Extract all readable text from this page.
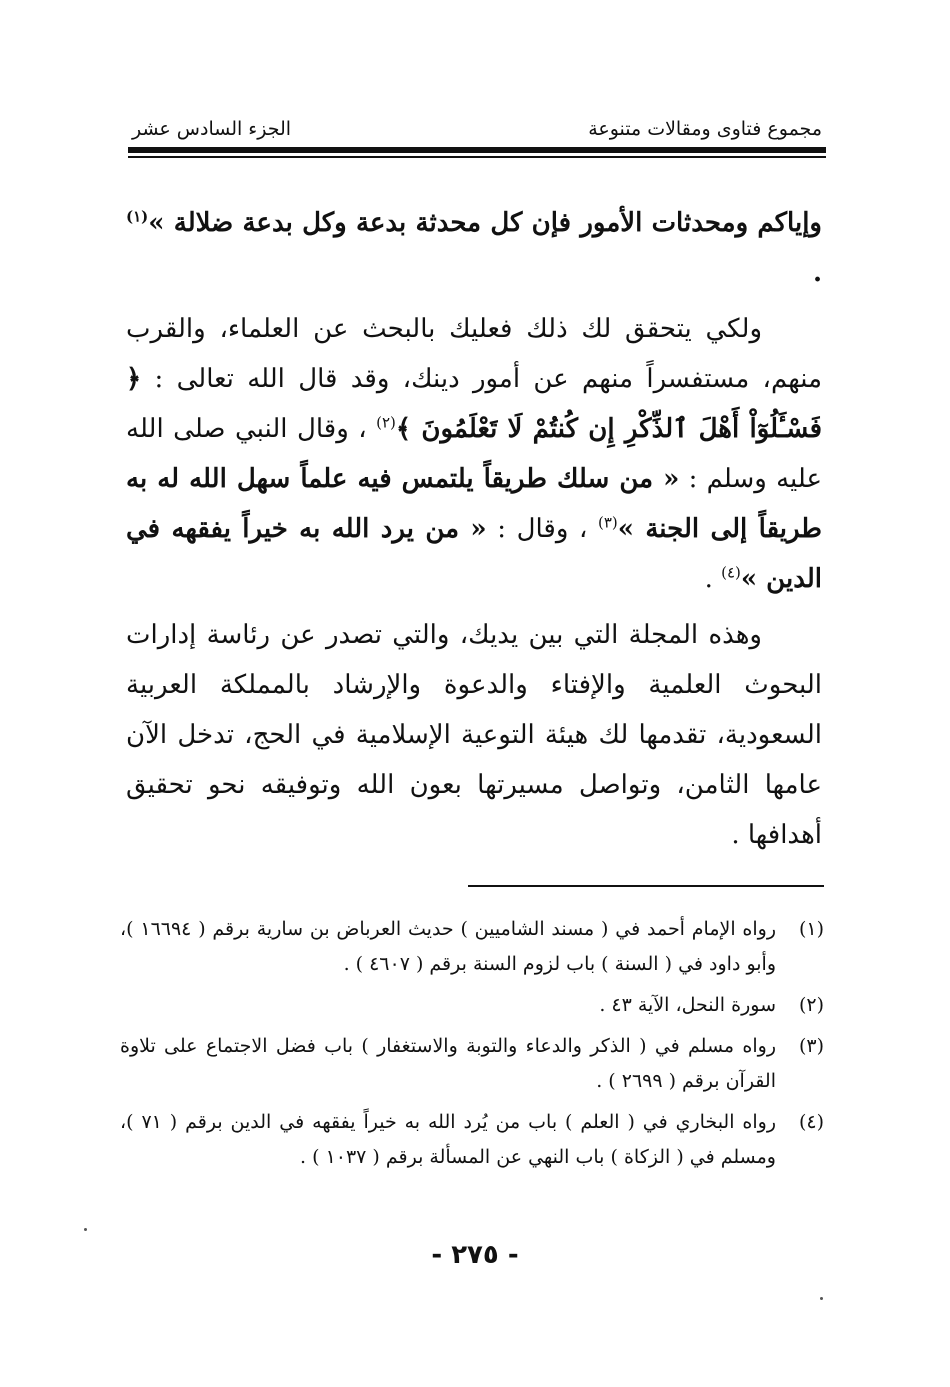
مجموع فتاوى ومقالات متنوعة
الجزء السادس عشر

وإياكم ومحدثات الأمور فإن كل محدثة بدعة وكل بدعة ضلالة »$^{(١)}$ .

ولكي يتحقق لك ذلك فعليك بالبحث عن العلماء، والقرب منهم، مستفسراً منهم عن أمور دينك، وقد قال الله تعالى : ﴿ فَسْـَٔلُوٓاْ أَهْلَ ٱلذِّكْرِ إِن كُنتُمْ لَا تَعْلَمُونَ ﴾$^{(٢)}$ ، وقال النبي صلى الله عليه وسلم : « من سلك طريقاً يلتمس فيه علماً سهل الله له به طريقاً إلى الجنة »$^{(٣)}$ ، وقال : « من يرد الله به خيراً يفقهه في الدين »$^{(٤)}$ .

وهذه المجلة التي بين يديك، والتي تصدر عن رئاسة إدارات البحوث العلمية والإفتاء والدعوة والإرشاد بالمملكة العربية السعودية، تقدمها لك هيئة التوعية الإسلامية في الحج، تدخل الآن عامها الثامن، وتواصل مسيرتها بعون الله وتوفيقه نحو تحقيق أهدافها .

(١)
رواه الإمام أحمد في ( مسند الشاميين ) حديث العرباض بن سارية برقم ( ١٦٦٩٤ )، وأبو داود في ( السنة ) باب لزوم السنة برقم ( ٤٦٠٧ ) .
(٢)
سورة النحل، الآية ٤٣ .
(٣)
رواه مسلم في ( الذكر والدعاء والتوبة والاستغفار ) باب فضل الاجتماع على تلاوة القرآن برقم ( ٢٦٩٩ ) .
(٤)
رواه البخاري في ( العلم ) باب من يُرد الله به خيراً يفقهه في الدين برقم ( ٧١ )، ومسلم في ( الزكاة ) باب النهي عن المسألة برقم ( ١٠٣٧ ) .
- ٢٧٥ -
